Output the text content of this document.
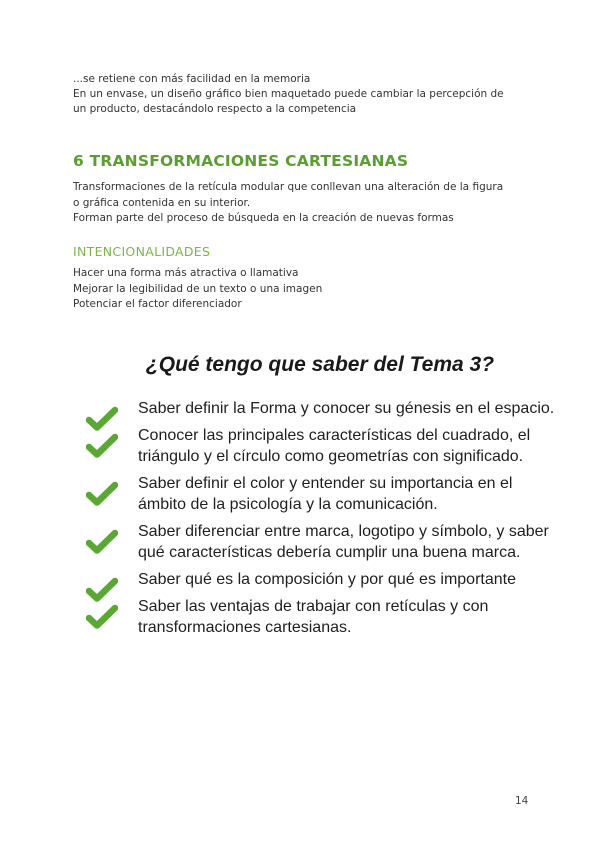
...se retiene con más facilidad en la memoria

En un envase, un diseño gráfico bien maquetado puede cambiar la percepción de

un producto, destacándolo respecto a la competencia

6 TRANSFORMACIONES CARTESIANAS

Transformaciones de la retícula modular que conllevan una alteración de la figura

o gráfica contenida en su interior.

Forman parte del proceso de búsqueda en la creación de nuevas formas

INTENCIONALIDADES

Hacer una forma más atractiva o llamativa

Mejorar la legibilidad de un texto o una imagen

Potenciar el factor diferenciador

¿Qué tengo que saber del Tema 3?
Saber definir la Forma y conocer su génesis en el espacio.
Conocer las principales características del cuadrado, el triángulo y el círculo como geometrías con significado.
Saber definir el color y entender su importancia en el ámbito de la psicología y la comunicación.
Saber diferenciar entre marca, logotipo y símbolo, y saber qué características debería cumplir una buena marca.
Saber qué es la composición y por qué es importante
Saber las ventajas de trabajar con retículas y con transformaciones cartesianas.
14
